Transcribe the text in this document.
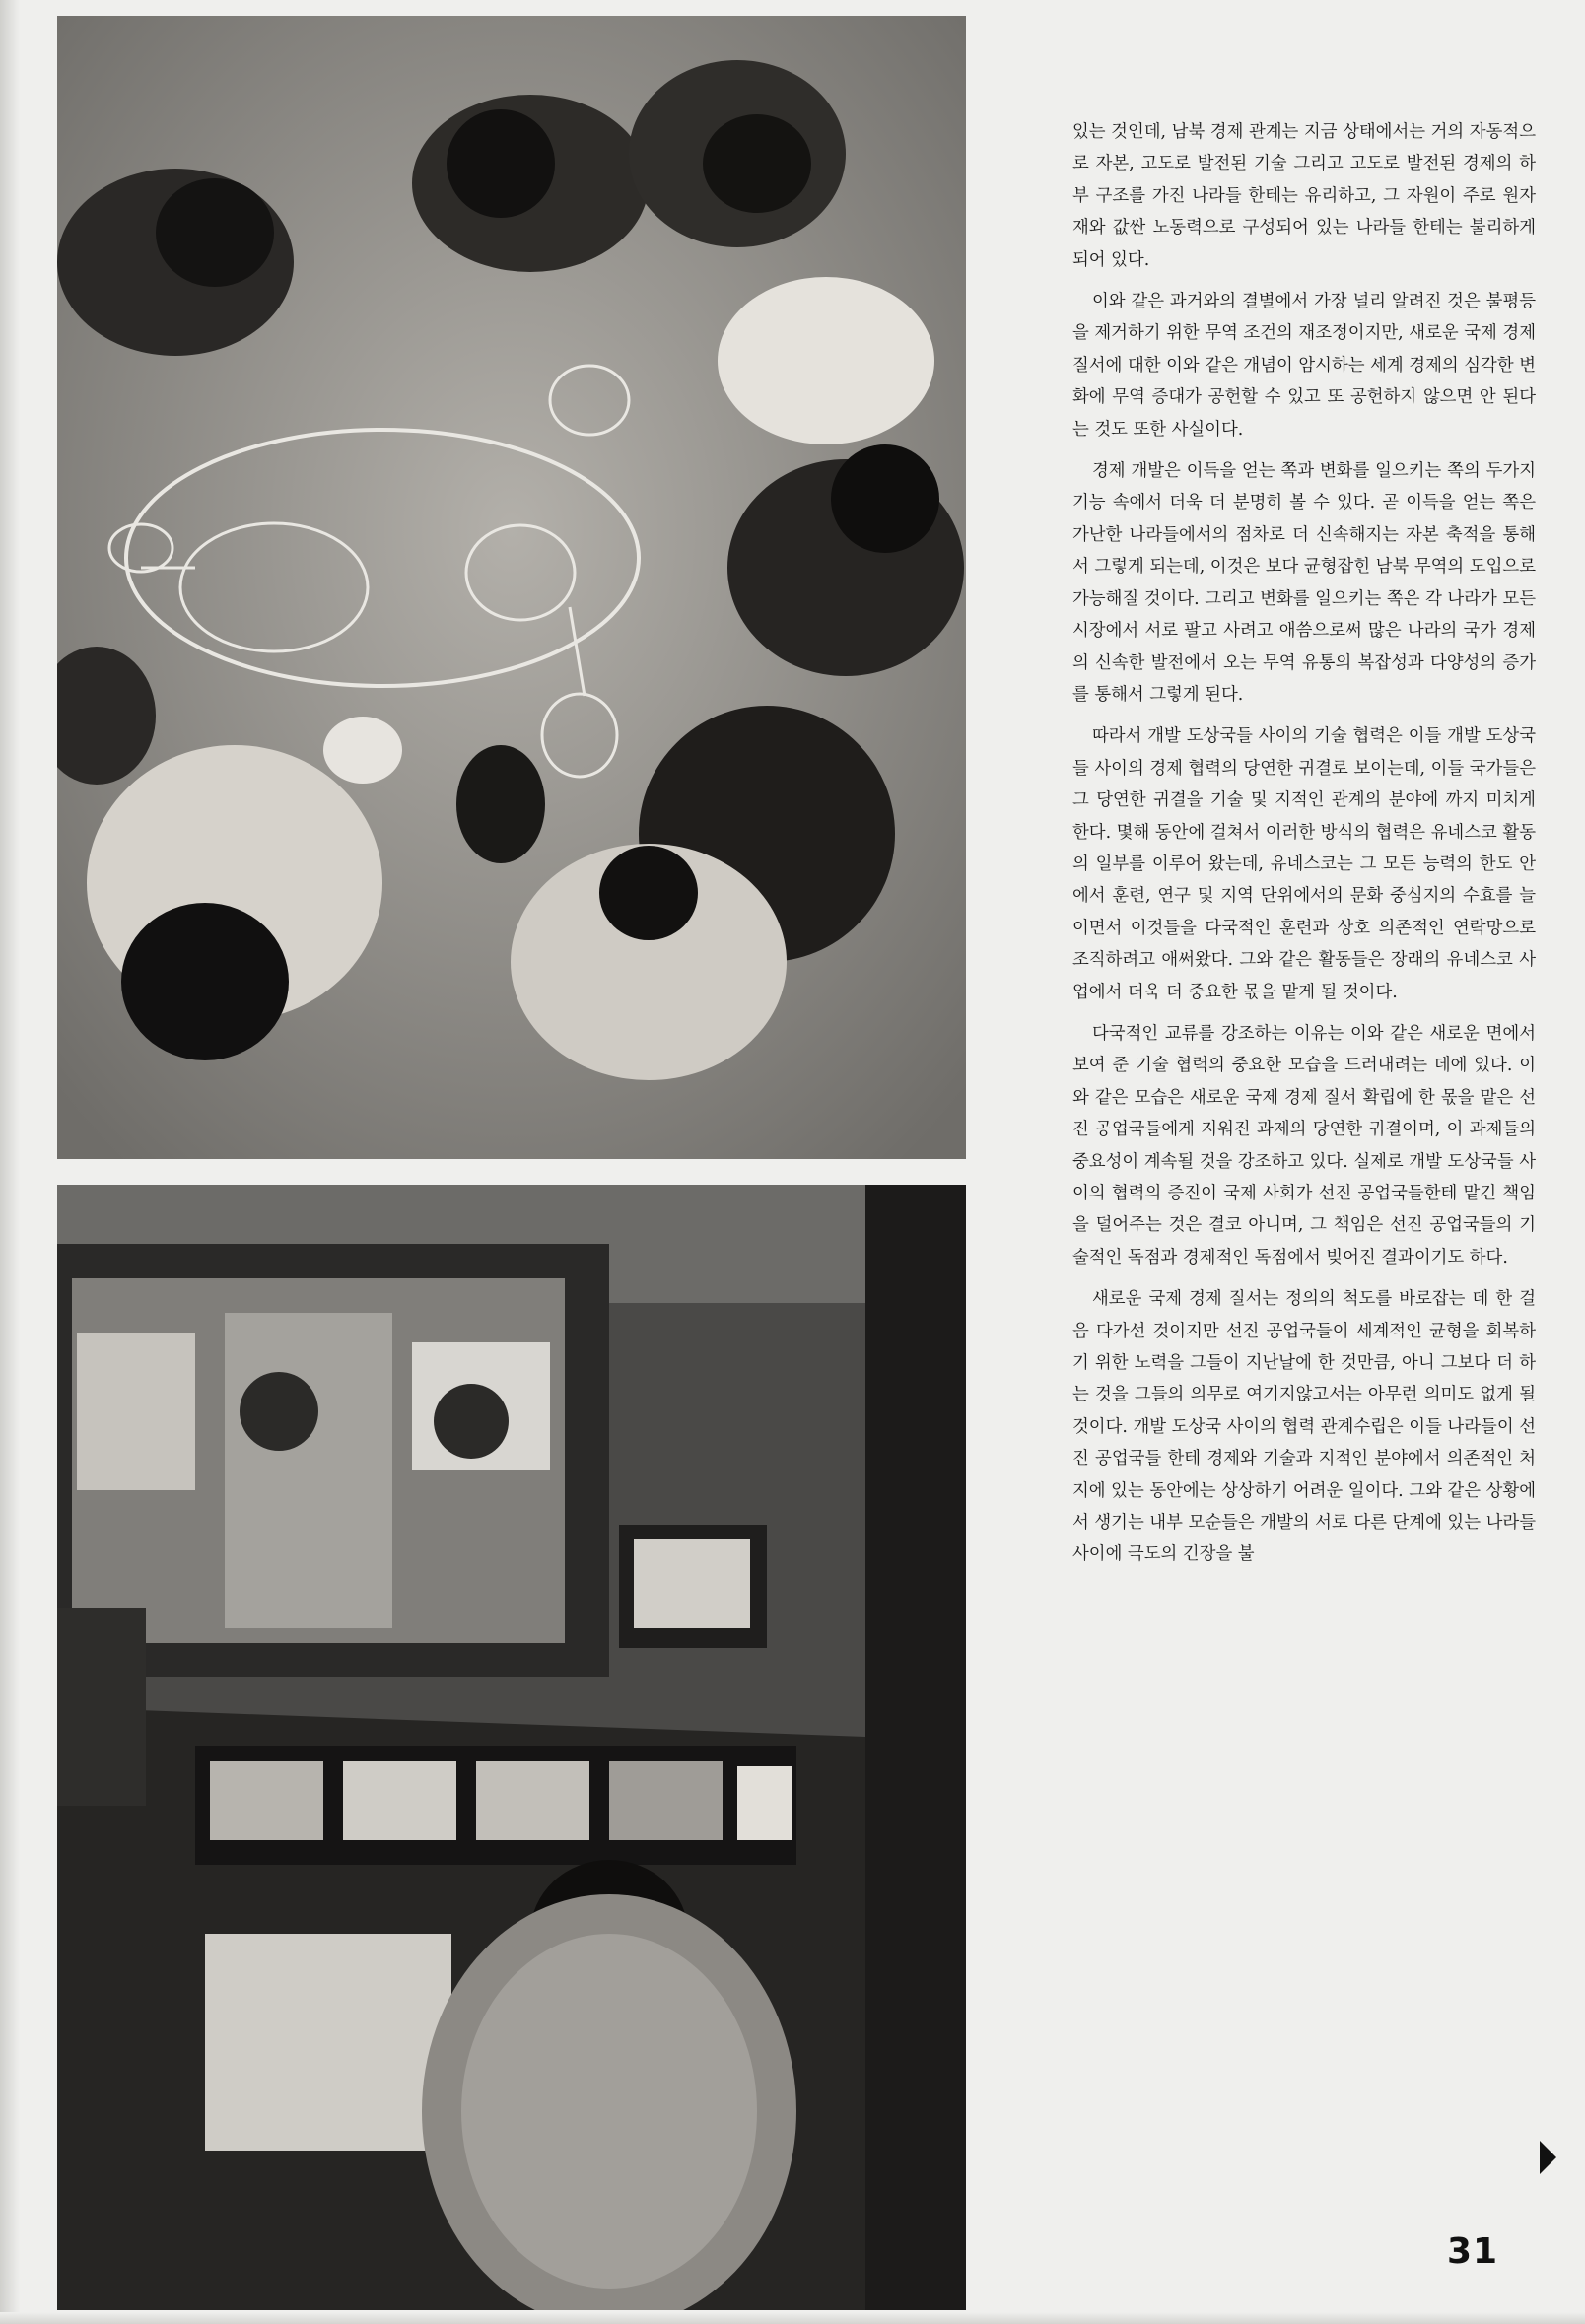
있는 것인데, 남북 경제 관계는 지금 상태에서는 거의 자동적으로 자본, 고도로 발전된 기술 그리고 고도로 발전된 경제의 하부 구조를 가진 나라들 한테는 유리하고, 그 자원이 주로 원자재와 값싼 노동력으로 구성되어 있는 나라들 한테는 불리하게 되어 있다.

이와 같은 과거와의 결별에서 가장 널리 알려진 것은 불평등을 제거하기 위한 무역 조건의 재조정이지만, 새로운 국제 경제 질서에 대한 이와 같은 개념이 암시하는 세계 경제의 심각한 변화에 무역 증대가 공헌할 수 있고 또 공헌하지 않으면 안 된다는 것도 또한 사실이다.

경제 개발은 이득을 얻는 쪽과 변화를 일으키는 쪽의 두가지 기능 속에서 더욱 더 분명히 볼 수 있다. 곧 이득을 얻는 쪽은 가난한 나라들에서의 점차로 더 신속해지는 자본 축적을 통해서 그렇게 되는데, 이것은 보다 균형잡힌 남북 무역의 도입으로 가능해질 것이다. 그리고 변화를 일으키는 쪽은 각 나라가 모든 시장에서 서로 팔고 사려고 애씀으로써 많은 나라의 국가 경제의 신속한 발전에서 오는 무역 유통의 복잡성과 다양성의 증가를 통해서 그렇게 된다.

따라서 개발 도상국들 사이의 기술 협력은 이들 개발 도상국들 사이의 경제 협력의 당연한 귀결로 보이는데, 이들 국가들은 그 당연한 귀결을 기술 및 지적인 관계의 분야에 까지 미치게 한다. 몇해 동안에 걸쳐서 이러한 방식의 협력은 유네스코 활동의 일부를 이루어 왔는데, 유네스코는 그 모든 능력의 한도 안에서 훈련, 연구 및 지역 단위에서의 문화 중심지의 수효를 늘이면서 이것들을 다국적인 훈련과 상호 의존적인 연락망으로 조직하려고 애써왔다. 그와 같은 활동들은 장래의 유네스코 사업에서 더욱 더 중요한 몫을 맡게 될 것이다.

다국적인 교류를 강조하는 이유는 이와 같은 새로운 면에서 보여 준 기술 협력의 중요한 모습을 드러내려는 데에 있다. 이와 같은 모습은 새로운 국제 경제 질서 확립에 한 몫을 맡은 선진 공업국들에게 지워진 과제의 당연한 귀결이며, 이 과제들의 중요성이 계속될 것을 강조하고 있다. 실제로 개발 도상국들 사이의 협력의 증진이 국제 사회가 선진 공업국들한테 맡긴 책임을 덜어주는 것은 결코 아니며, 그 책임은 선진 공업국들의 기술적인 독점과 경제적인 독점에서 빚어진 결과이기도 하다.

새로운 국제 경제 질서는 정의의 척도를 바로잡는 데 한 걸음 다가선 것이지만 선진 공업국들이 세계적인 균형을 회복하기 위한 노력을 그들이 지난날에 한 것만큼, 아니 그보다 더 하는 것을 그들의 의무로 여기지않고서는 아무런 의미도 없게 될 것이다. 개발 도상국 사이의 협력 관계수립은 이들 나라들이 선진 공업국들 한테 경제와 기술과 지적인 분야에서 의존적인 처지에 있는 동안에는 상상하기 어려운 일이다. 그와 같은 상황에서 생기는 내부 모순들은 개발의 서로 다른 단계에 있는 나라들 사이에 극도의 긴장을 불

31
